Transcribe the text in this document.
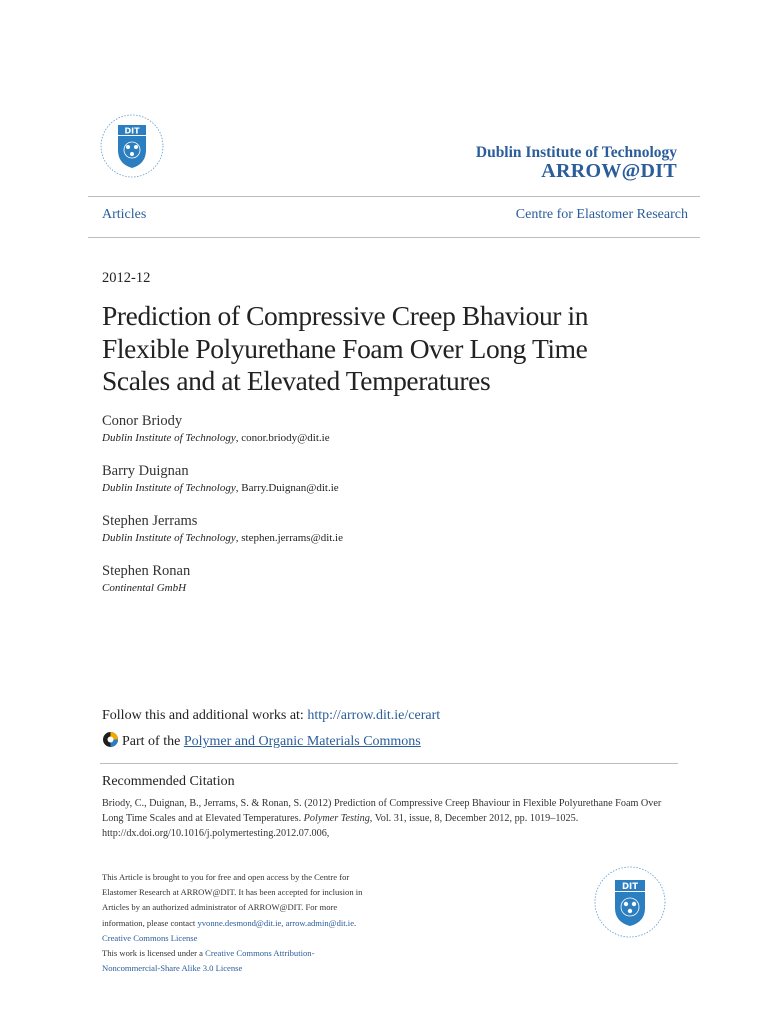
DIT
Dublin Institute of Technology
ARROW@DIT
Articles	Centre for Elastomer Research
2012-12
Prediction of Compressive Creep Bhaviour in
Flexible Polyurethane Foam Over Long Time
Scales and at Elevated Temperatures
Conor Briody
Dublin Institute of Technology, conor.briody@dit.ie
Barry Duignan
Dublin Institute of Technology, Barry.Duignan@dit.ie
Stephen Jerrams
Dublin Institute of Technology, stephen.jerrams@dit.ie
Stephen Ronan
Continental GmbH
Follow this and additional works at: http://arrow.dit.ie/cerart
Part of the Polymer and Organic Materials Commons
Recommended Citation
Briody, C., Duignan, B., Jerrams, S. & Ronan, S. (2012) Prediction of Compressive Creep Bhaviour in Flexible Polyurethane Foam Over Long Time Scales and at Elevated Temperatures. Polymer Testing, Vol. 31, issue, 8, December 2012, pp. 1019–1025. http://dx.doi.org/10.1016/j.polymertesting.2012.07.006,
This Article is brought to you for free and open access by the Centre for
Elastomer Research at ARROW@DIT. It has been accepted for inclusion in
Articles by an authorized administrator of ARROW@DIT. For more
information, please contact yvonne.desmond@dit.ie, arrow.admin@dit.ie.
Creative Commons License
This work is licensed under a Creative Commons Attribution-
Noncommercial-Share Alike 3.0 License
DIT
